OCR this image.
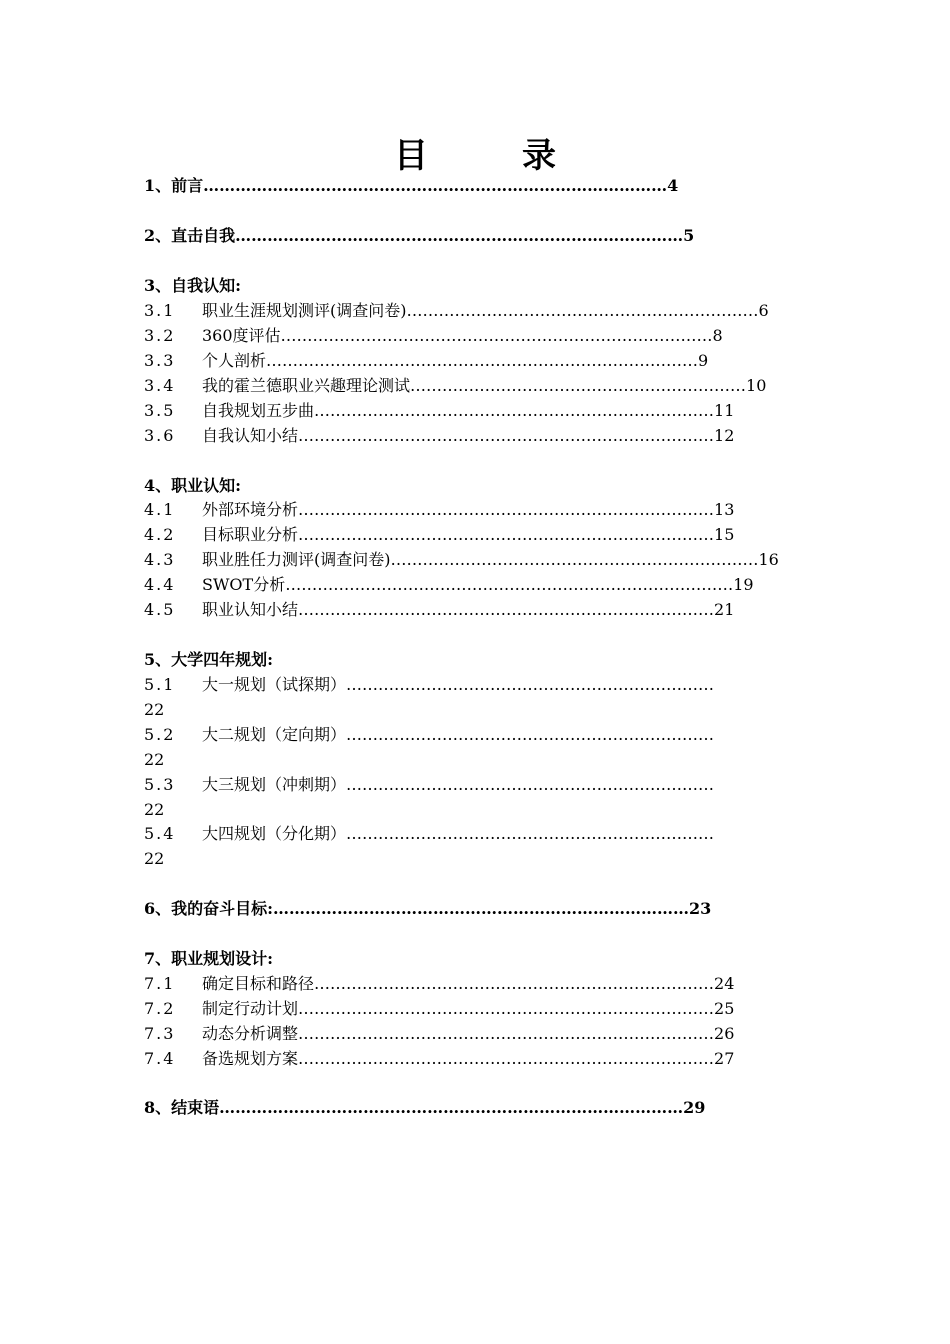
目　录
1、前言……………………………………………………………………………4
2、直击自我…………………………………………………………………………5
3、自我认知:
3.1 职业生涯规划测评(调查问卷)…………………………………………………………6
3.2 360度评估………………………………………………………………………8
3.3 个人剖析………………………………………………………………………9
3.4 我的霍兰德职业兴趣理论测试………………………………………………………10
3.5 自我规划五步曲…………………………………………………………………11
3.6 自我认知小结……………………………………………………………………12
4、职业认知:
4.1 外部环境分析……………………………………………………………………13
4.2 目标职业分析……………………………………………………………………15
4.3 职业胜任力测评(调查问卷)……………………………………………………………16
4.4 SWOT分析…………………………………………………………………………19
4.5 职业认知小结……………………………………………………………………21
5、大学四年规划:
5.1 大一规划（试探期）……………………………………………………………
22
5.2 大二规划（定向期）……………………………………………………………
22
5.3 大三规划（冲刺期）……………………………………………………………
22
5.4 大四规划（分化期）……………………………………………………………
22
6、我的奋斗目标:……………………………………………………………………23
7、职业规划设计:
7.1 确定目标和路径…………………………………………………………………24
7.2 制定行动计划……………………………………………………………………25
7.3 动态分析调整……………………………………………………………………26
7.4 备选规划方案……………………………………………………………………27
8、结束语……………………………………………………………………………29
